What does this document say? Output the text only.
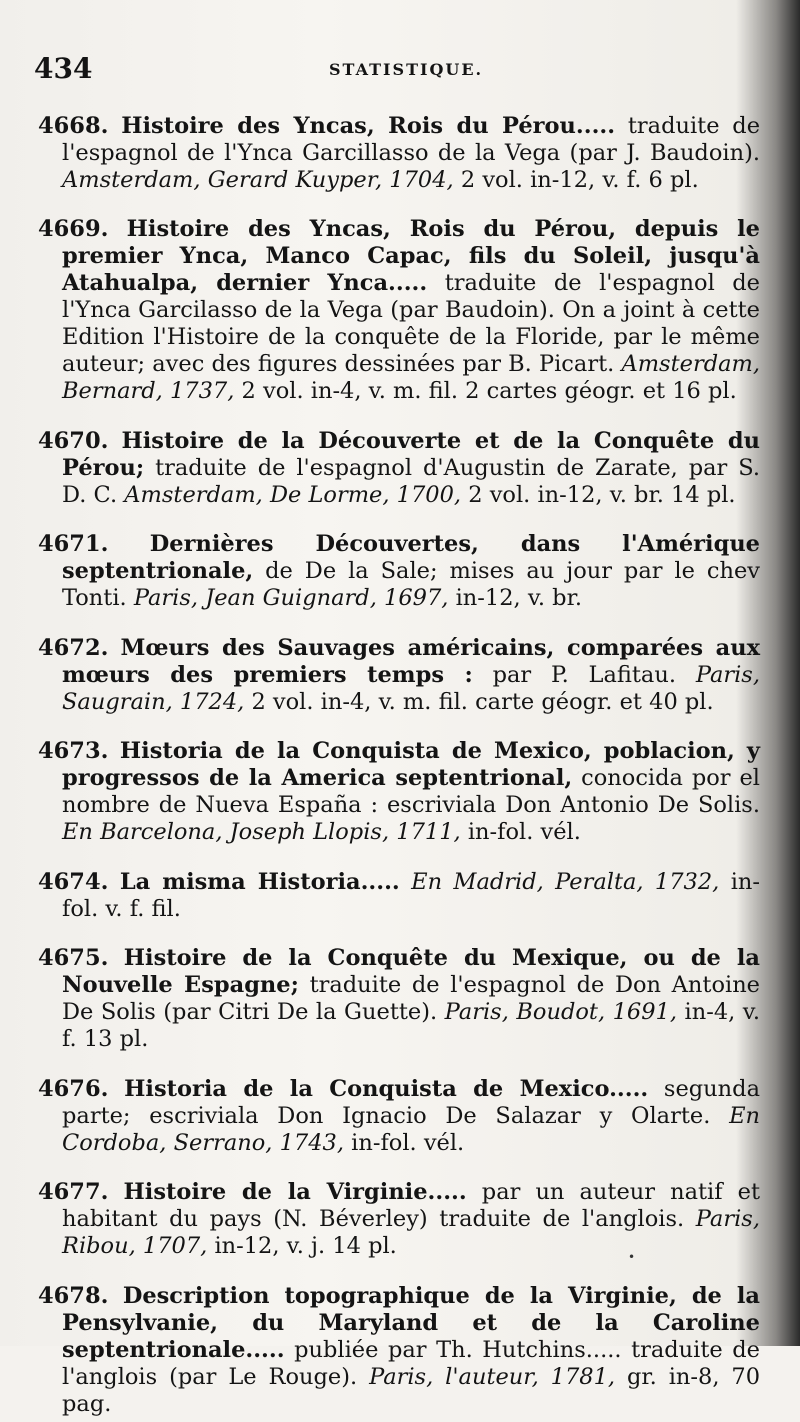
434	STATISTIQUE.

4668. Histoire des Yncas, Rois du Pérou..... traduite de l'espagnol de l'Ynca Garcillasso de la Vega (par J. Baudoin). Amsterdam, Gerard Kuyper, 1704, 2 vol. in-12, v. f. 6 pl.

4669. Histoire des Yncas, Rois du Pérou, depuis le premier Ynca, Manco Capac, fils du Soleil, jusqu'à Atahualpa, dernier Ynca..... traduite de l'espagnol de l'Ynca Garcilasso de la Vega (par Baudoin). On a joint à cette Edition l'Histoire de la conquête de la Floride, par le même auteur; avec des figures dessinées par B. Picart. Amsterdam, Bernard, 1737, 2 vol. in-4, v. m. fil. 2 cartes géogr. et 16 pl.

4670. Histoire de la Découverte et de la Conquête du Pérou; traduite de l'espagnol d'Augustin de Zarate, par S. D. C. Amsterdam, De Lorme, 1700, 2 vol. in-12, v. br. 14 pl.

4671. Dernières Découvertes, dans l'Amérique septentrionale, de De la Sale; mises au jour par le chev Tonti. Paris, Jean Guignard, 1697, in-12, v. br.

4672. Mœurs des Sauvages américains, comparées aux mœurs des premiers temps : par P. Lafitau. Paris, Saugrain, 1724, 2 vol. in-4, v. m. fil. carte géogr. et 40 pl.

4673. Historia de la Conquista de Mexico, poblacion, y progressos de la America septentrional, conocida por el nombre de Nueva España : escriviala Don Antonio De Solis. En Barcelona, Joseph Llopis, 1711, in-fol. vél.

4674. La misma Historia..... En Madrid, Peralta, 1732, in-fol. v. f. fil.

4675. Histoire de la Conquête du Mexique, ou de la Nouvelle Espagne; traduite de l'espagnol de Don Antoine De Solis (par Citri De la Guette). Paris, Boudot, 1691, in-4, v. f. 13 pl.

4676. Historia de la Conquista de Mexico..... segunda parte; escriviala Don Ignacio De Salazar y Olarte. En Cordoba, Serrano, 1743, in-fol. vél.

4677. Histoire de la Virginie..... par un auteur natif et habitant du pays (N. Béverley) traduite de l'anglois. Paris, Ribou, 1707, in-12, v. j. 14 pl.

4678. Description topographique de la Virginie, de la Pensylvanie, du Maryland et de la Caroline septentrionale..... publiée par Th. Hutchins..... traduite de l'anglois (par Le Rouge). Paris, l'auteur, 1781, gr. in-8, 70 pag.

•
